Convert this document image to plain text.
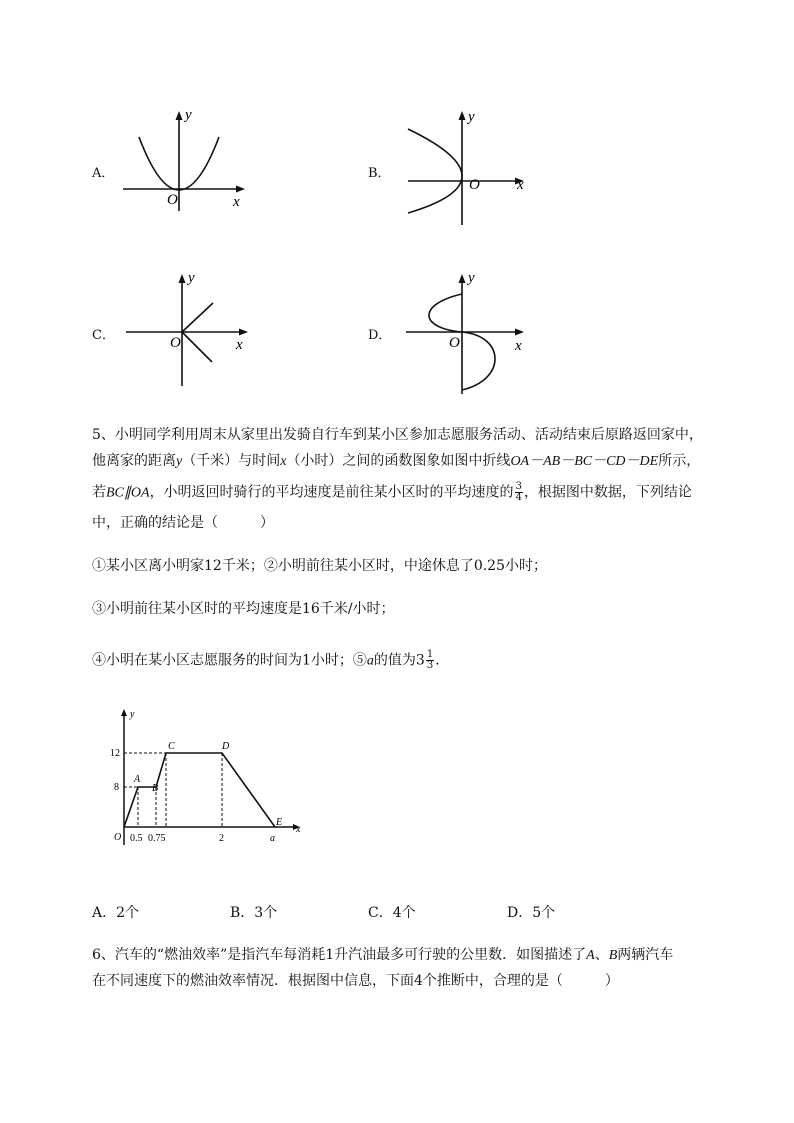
A．
y
x
O
B．
y
x
O
C．
y
x
O	D．
y
x
O
5、小明同学利用周末从家里出发骑自行车到某小区参加志愿服务活动、活动结束后原路返回家中，
他离家的距离y（千米）与时间x（小时）之间的函数图象如图中折线OA－AB－BC－CD－DE所示，
若BC∥OA，小明返回时骑行的平均速度是前往某小区时的平均速度的 $\frac{3}{4}$ ，根据图中数据，下列结论
中，正确的结论是（　　　）
①某小区离小明家12千米；②小明前往某小区时，中途休息了0.25小时；
③小明前往某小区时的平均速度是16千米/小时；
④小明在某小区志愿服务的时间为1小时；⑤a的值为$3 \frac{1}{3}$ ．
y
x
12
8
O 0.5 0.75	2	a
A
B
C	D
E
A．2个	B．3个	C．4个	D．5个
6、汽车的“燃油效率”是指汽车每消耗1升汽油最多可行驶的公里数．如图描述了A、B两辆汽车
在不同速度下的燃油效率情况．根据图中信息，下面4个推断中，合理的是（　　　）
